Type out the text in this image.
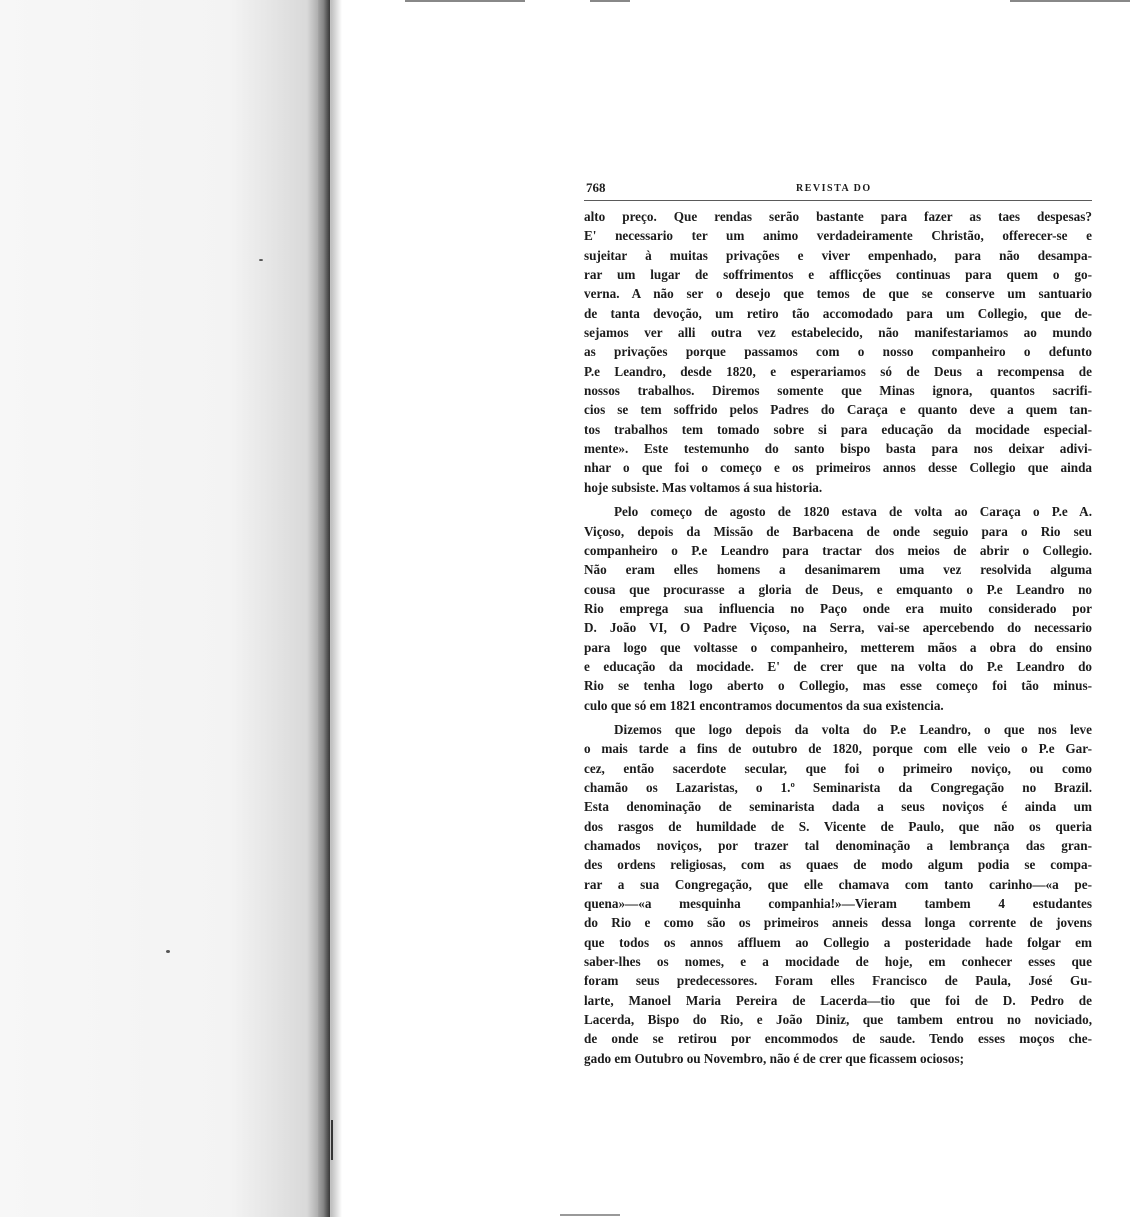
768	REVISTA DO
alto preço. Que rendas serão bastante para fazer as taes despesas?
E' necessario ter um animo verdadeiramente Christão, offerecer-se e
sujeitar à muitas privações e viver empenhado, para não desampa-
rar um lugar de soffrimentos e afflicções continuas para quem o go-
verna. A não ser o desejo que temos de que se conserve um santuario
de tanta devoção, um retiro tão accomodado para um Collegio, que de-
sejamos ver alli outra vez estabelecido, não manifestariamos ao mundo
as privações porque passamos com o nosso companheiro o defunto
P.e Leandro, desde 1820, e esperariamos só de Deus a recompensa de
nossos trabalhos. Diremos somente que Minas ignora, quantos sacrifi-
cios se tem soffrido pelos Padres do Caraça e quanto deve a quem tan-
tos trabalhos tem tomado sobre si para educação da mocidade especial-
mente». Este testemunho do santo bispo basta para nos deixar adivi-
nhar o que foi o começo e os primeiros annos desse Collegio que ainda
hoje subsiste. Mas voltamos á sua historia.
Pelo começo de agosto de 1820 estava de volta ao Caraça o P.e A.
Viçoso, depois da Missão de Barbacena de onde seguio para o Rio seu
companheiro o P.e Leandro para tractar dos meios de abrir o Collegio.
Não eram elles homens a desanimarem uma vez resolvida alguma
cousa que procurasse a gloria de Deus, e emquanto o P.e Leandro no
Rio emprega sua influencia no Paço onde era muito considerado por
D. João VI, O Padre Viçoso, na Serra, vai-se apercebendo do necessario
para logo que voltasse o companheiro, metterem mãos a obra do ensino
e educação da mocidade. E' de crer que na volta do P.e Leandro do
Rio se tenha logo aberto o Collegio, mas esse começo foi tão minus-
culo que só em 1821 encontramos documentos da sua existencia.
Dizemos que logo depois da volta do P.e Leandro, o que nos leve
o mais tarde a fins de outubro de 1820, porque com elle veio o P.e Gar-
cez, então sacerdote secular, que foi o primeiro noviço, ou como
chamão os Lazaristas, o 1.º Seminarista da Congregação no Brazil.
Esta denominação de seminarista dada a seus noviços é ainda um
dos rasgos de humildade de S. Vicente de Paulo, que não os queria
chamados noviços, por trazer tal denominação a lembrança das gran-
des ordens religiosas, com as quaes de modo algum podia se compa-
rar a sua Congregação, que elle chamava com tanto carinho—«a pe-
quena»—«a mesquinha companhia!»—Vieram tambem 4 estudantes
do Rio e como são os primeiros anneis dessa longa corrente de jovens
que todos os annos affluem ao Collegio a posteridade hade folgar em
saber-lhes os nomes, e a mocidade de hoje, em conhecer esses que
foram seus predecessores. Foram elles Francisco de Paula, José Gu-
larte, Manoel Maria Pereira de Lacerda—tio que foi de D. Pedro de
Lacerda, Bispo do Rio, e João Diniz, que tambem entrou no noviciado,
de onde se retirou por encommodos de saude. Tendo esses moços che-
gado em Outubro ou Novembro, não é de crer que ficassem ociosos;
